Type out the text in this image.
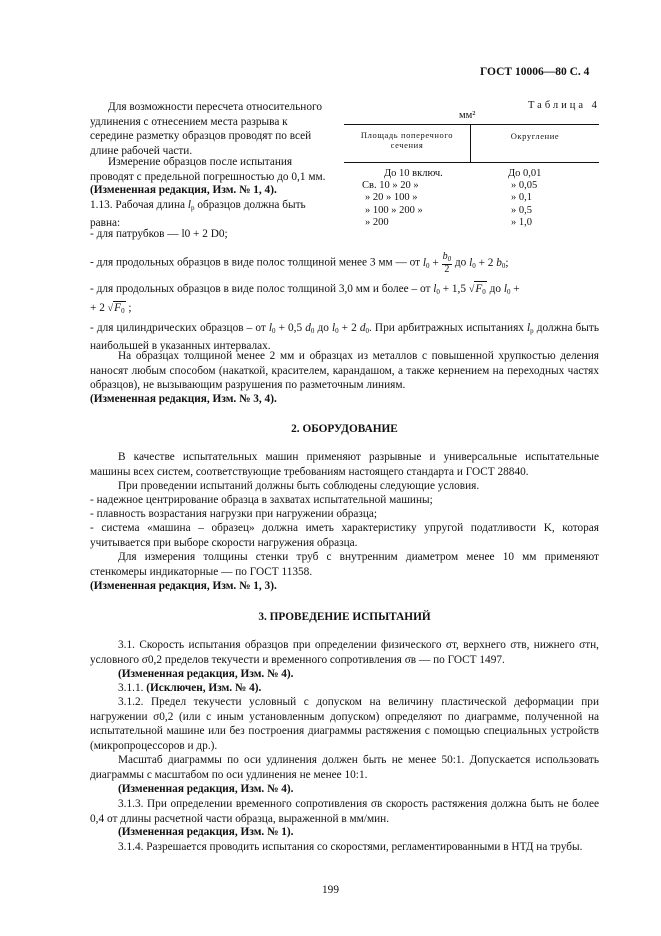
ГОСТ 10006—80 С. 4
Для возможности пересчета относительного удлинения с отнесением места разрыва к середине разметку образцов проводят по всей длине рабочей части.
Измерение образцов после испытания проводят с предельной погрешностью до 0,1 мм.
(Измененная редакция, Изм. № 1, 4).
1.13. Рабочая длина $l_р$ образцов должна быть равна:
- для патрубков — l0 + 2 D0;
Таблица 4
мм²
Площадь поперечного сечения
Округление
До 10 включ.
Св. 10 » 20 »
» 20 » 100 »
» 100 » 200 »
» 200
До 0,01
» 0,05
» 0,1
» 0,5
» 1,0
- для продольных образцов в виде полос толщиной менее 3 мм — от $l_0 + \frac{b_0}{2}$ до $l_0 + 2$ $b_0$;
- для продольных образцов в виде полос толщиной 3,0 мм и более – от $l_0 + 1,5$ $√F_0$ до $l_0$ +
+ 2 $√F_0$ ;
- для цилиндрических образцов – от $l_0 + 0,5$ $d_0$ до $l_0 + 2$ $d_0$. При арбитражных испытаниях $l_р$ должна быть наибольшей в указанных интервалах.
На образцах толщиной менее 2 мм и образцах из металлов с повышенной хрупкостью деления наносят любым способом (накаткой, красителем, карандашом, а также кернением на переходных частях образцов), не вызывающим разрушения по разметочным линиям.
(Измененная редакция, Изм. № 3, 4).
2. ОБОРУДОВАНИЕ
В качестве испытательных машин применяют разрывные и универсальные испытательные машины всех систем, соответствующие требованиям настоящего стандарта и ГОСТ 28840.
При проведении испытаний должны быть соблюдены следующие условия.
- надежное центрирование образца в захватах испытательной машины;
- плавность возрастания нагрузки при нагружении образца;
- система «машина – образец» должна иметь характеристику упругой податливости K, которая учитывается при выборе скорости нагружения образца.
Для измерения толщины стенки труб с внутренним диаметром менее 10 мм применяют стенкомеры индикаторные — по ГОСТ 11358.
(Измененная редакция, Изм. № 1, 3).
3. ПРОВЕДЕНИЕ ИСПЫТАНИЙ
3.1. Скорость испытания образцов при определении физического σт, верхнего σтв, нижнего σтн, условного σ0,2 пределов текучести и временного сопротивления σв — по ГОСТ 1497.
(Измененная редакция, Изм. № 4).
3.1.1. (Исключен, Изм. № 4).
3.1.2. Предел текучести условный с допуском на величину пластической деформации при нагружении σ0,2 (или с иным установленным допуском) определяют по диаграмме, полученной на испытательной машине или без построения диаграммы растяжения с помощью специальных устройств (микропроцессоров и др.).
Масштаб диаграммы по оси удлинения должен быть не менее 50:1. Допускается использовать диаграммы с масштабом по оси удлинения не менее 10:1.
(Измененная редакция, Изм. № 4).
3.1.3. При определении временного сопротивления σв скорость растяжения должна быть не более 0,4 от длины расчетной части образца, выраженной в мм/мин.
(Измененная редакция, Изм. № 1).
3.1.4. Разрешается проводить испытания со скоростями, регламентированными в НТД на трубы.
199
